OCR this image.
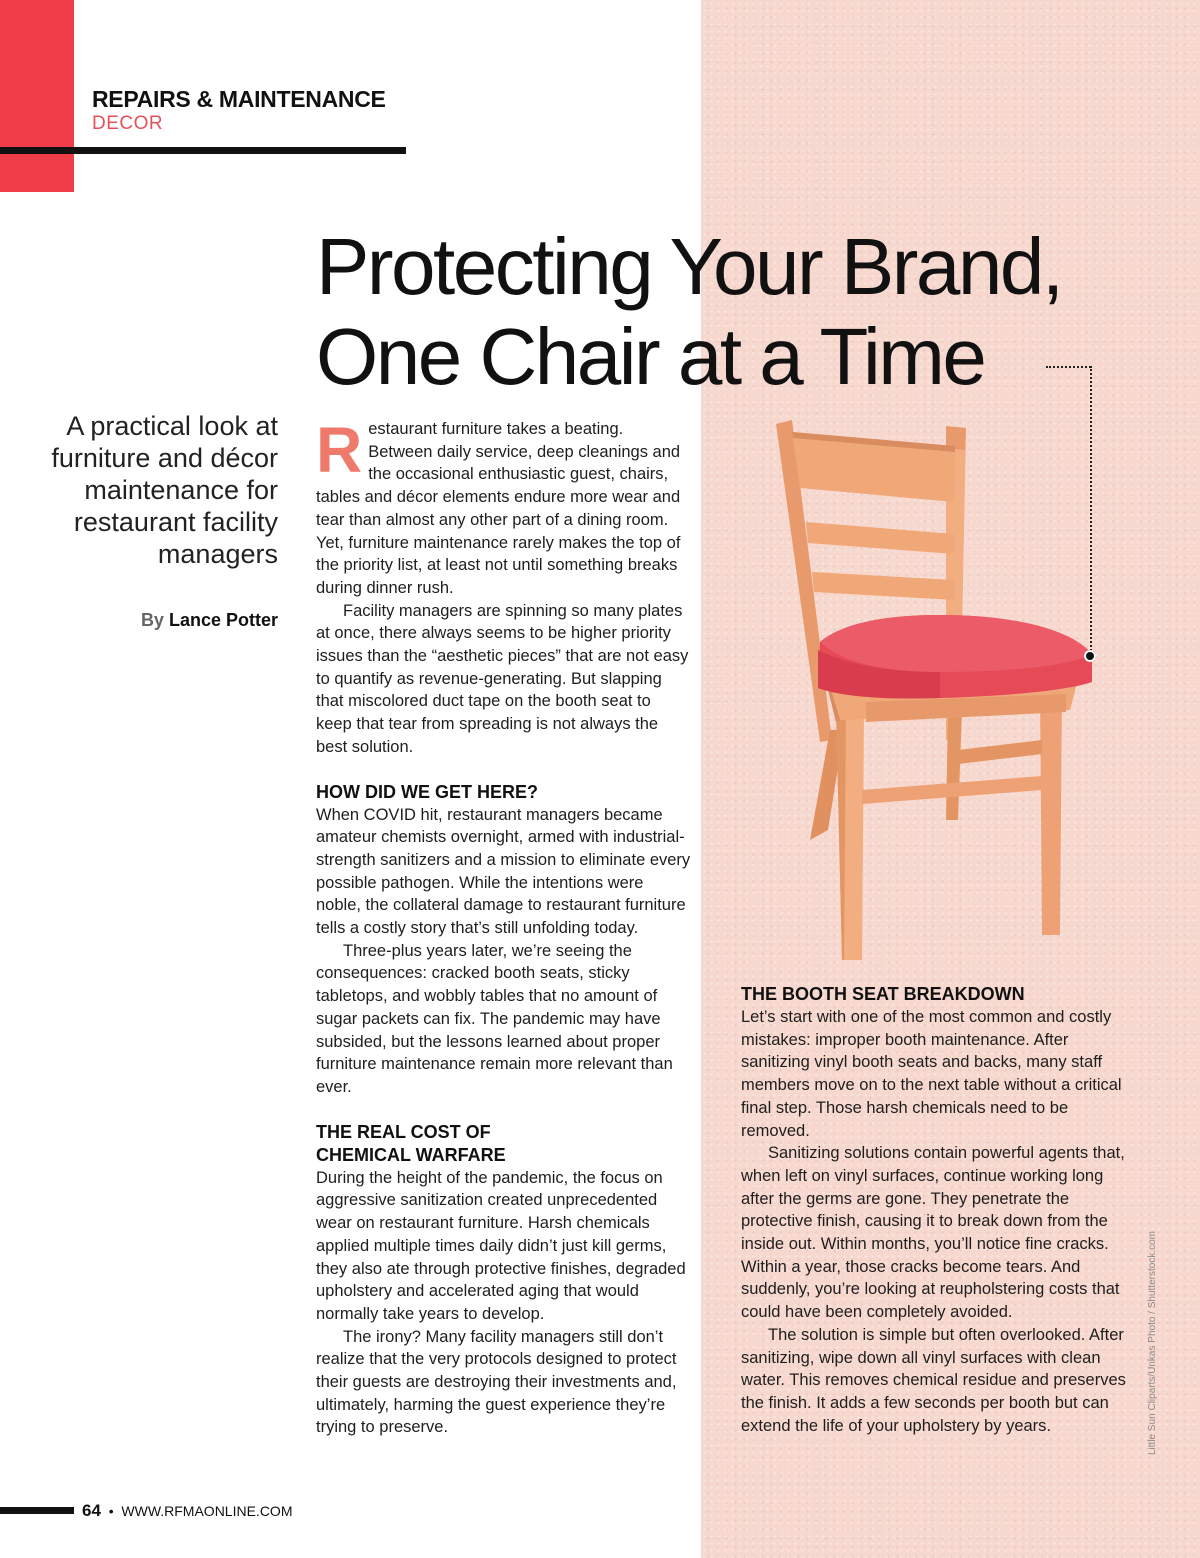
REPAIRS & MAINTENANCE
DECOR
Protecting Your Brand,
One Chair at a Time
A practical look at furniture and décor maintenance for restaurant facility managers
By Lance Potter

Restaurant furniture takes a beating. Between daily service, deep cleanings and the occasional enthusiastic guest, chairs, tables and décor elements endure more wear and tear than almost any other part of a dining room. Yet, furniture maintenance rarely makes the top of the priority list, at least not until something breaks during dinner rush.

Facility managers are spinning so many plates at once, there always seems to be higher priority issues than the “aesthetic pieces” that are not easy to quantify as revenue-generating. But slapping that miscolored duct tape on the booth seat to keep that tear from spreading is not always the best solution.

HOW DID WE GET HERE?

When COVID hit, restaurant managers became amateur chemists overnight, armed with industrial-strength sanitizers and a mission to eliminate every possible pathogen. While the intentions were noble, the collateral damage to restaurant furniture tells a costly story that’s still unfolding today.

Three-plus years later, we’re seeing the consequences: cracked booth seats, sticky tabletops, and wobbly tables that no amount of sugar packets can fix. The pandemic may have subsided, but the lessons learned about proper furniture maintenance remain more relevant than ever.

THE REAL COST OF
CHEMICAL WARFARE

During the height of the pandemic, the focus on aggressive sanitization created unprecedented wear on restaurant furniture. Harsh chemicals applied multiple times daily didn’t just kill germs, they also ate through protective finishes, degraded upholstery and accelerated aging that would normally take years to develop.

The irony? Many facility managers still don’t realize that the very protocols designed to protect their guests are destroying their investments and, ultimately, harming the guest experience they’re trying to preserve.

THE BOOTH SEAT BREAKDOWN

Let’s start with one of the most common and costly mistakes: improper booth maintenance. After sanitizing vinyl booth seats and backs, many staff members move on to the next table without a critical final step. Those harsh chemicals need to be removed.

Sanitizing solutions contain powerful agents that, when left on vinyl surfaces, continue working long after the germs are gone. They penetrate the protective finish, causing it to break down from the inside out. Within months, you’ll notice fine cracks. Within a year, those cracks become tears. And suddenly, you’re looking at reupholstering costs that could have been completely avoided.

The solution is simple but often overlooked. After sanitizing, wipe down all vinyl surfaces with clean water. This removes chemical residue and preserves the finish. It adds a few seconds per booth but can extend the life of your upholstery by years.	Little Sun Cliparts/Unkas Photo / Shutterstock.com
64 • WWW.RFMAONLINE.COM
